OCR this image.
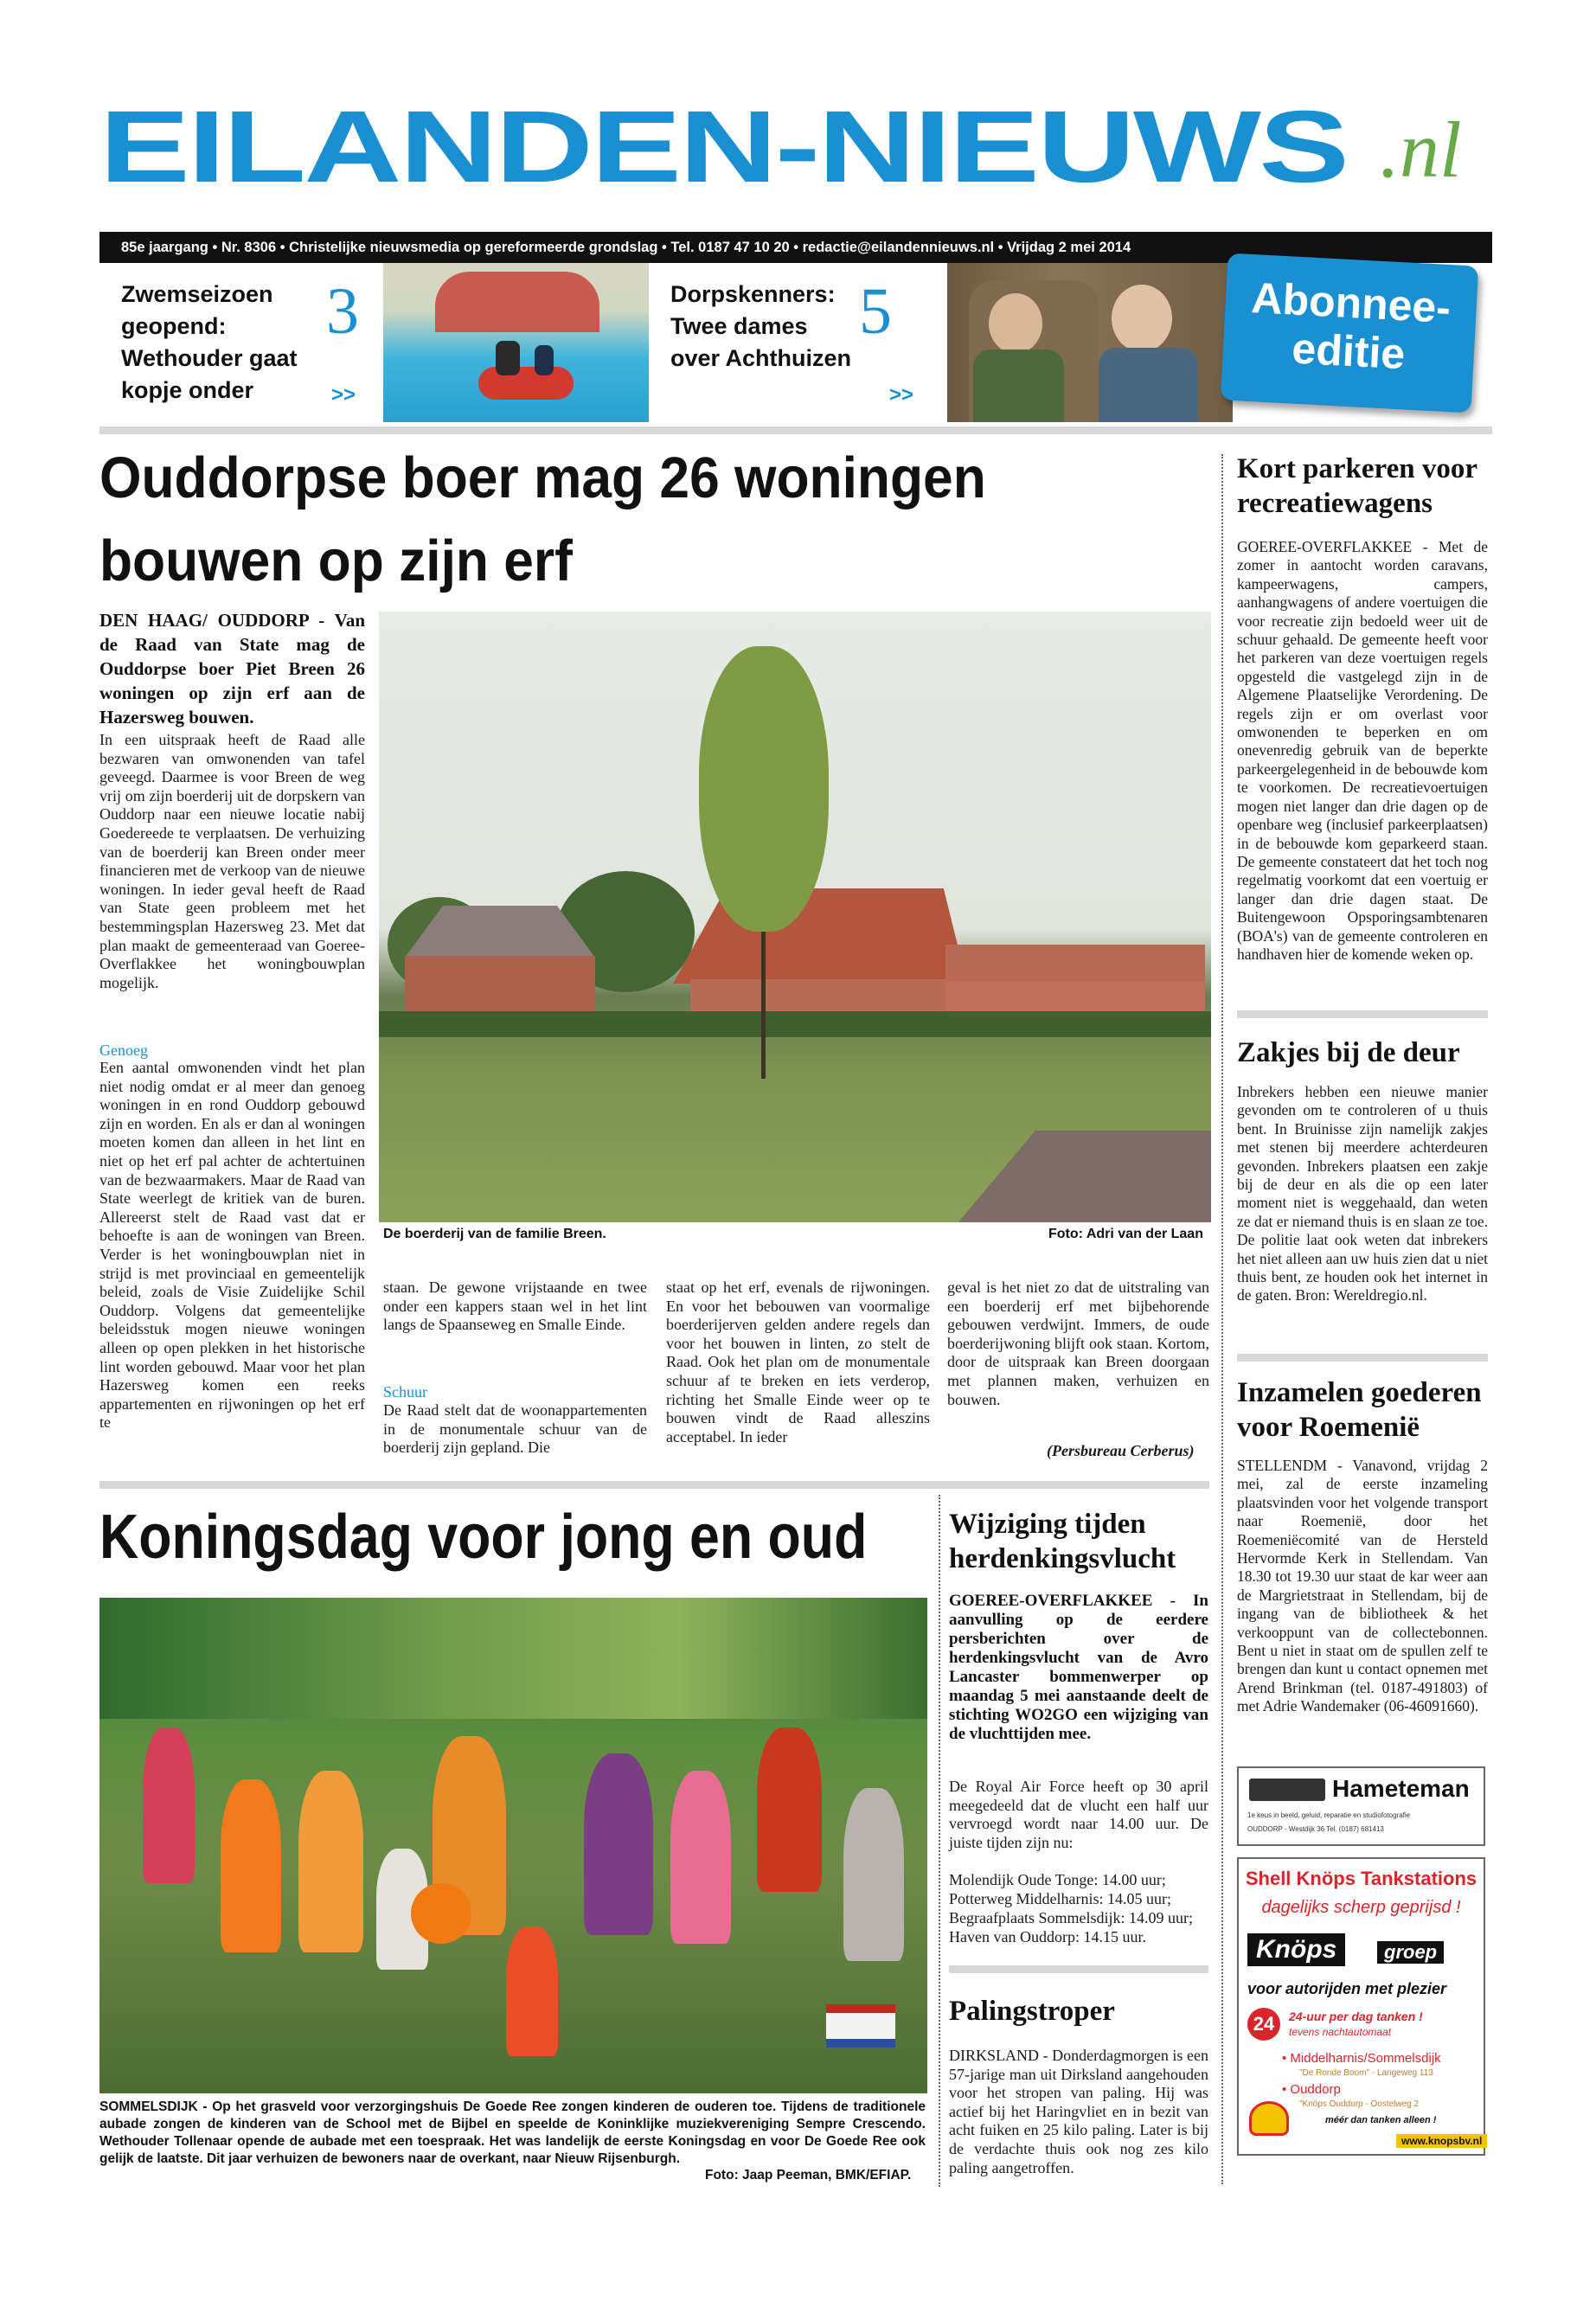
EILANDEN-NIEUWS .nl
85e jaargang • Nr. 8306 • Christelijke nieuwsmedia op gereformeerde grondslag • Tel. 0187 47 10 20 • redactie@eilandennieuws.nl • Vrijdag 2 mei 2014
Zwemseizoen
geopend:
Wethouder gaat
kopje onder
3
>>
Dorpskenners:
Twee dames
over Achthuizen
5
>>
Abonnee-
editie
Ouddorpse boer mag 26 woningen
bouwen op zijn erf
DEN HAAG/ OUDDORP - Van de Raad van State mag de Ouddorpse boer Piet Breen 26 woningen op zijn erf aan de Hazersweg bouwen.
In een uitspraak heeft de Raad alle bezwaren van omwonenden van tafel geveegd. Daarmee is voor Breen de weg vrij om zijn boerderij uit de dorpskern van Ouddorp naar een nieuwe locatie nabij Goedereede te verplaatsen. De verhuizing van de boerderij kan Breen onder meer financieren met de verkoop van de nieuwe woningen. In ieder geval heeft de Raad van State geen probleem met het bestemmingsplan Hazersweg 23. Met dat plan maakt de gemeenteraad van Goeree-Overflakkee het woningbouwplan mogelijk.
Genoeg
Een aantal omwonenden vindt het plan niet nodig omdat er al meer dan genoeg woningen in en rond Ouddorp gebouwd zijn en worden. En als er dan al woningen moeten komen dan alleen in het lint en niet op het erf pal achter de achtertuinen van de bezwaarmakers. Maar de Raad van State weerlegt de kritiek van de buren. Allereerst stelt de Raad vast dat er behoefte is aan de woningen van Breen. Verder is het woningbouwplan niet in strijd is met provinciaal en gemeentelijk beleid, zoals de Visie Zuidelijke Schil Ouddorp. Volgens dat gemeentelijke beleidsstuk mogen nieuwe woningen alleen op open plekken in het historische lint worden gebouwd. Maar voor het plan Hazersweg komen een reeks appartementen en rijwoningen op het erf te
De boerderij van de familie Breen.	Foto: Adri van der Laan
staan. De gewone vrijstaande en twee onder een kappers staan wel in het lint langs de Spaanseweg en Smalle Einde.
Schuur
De Raad stelt dat de woonappartementen in de monumentale schuur van de boerderij zijn gepland. Die
staat op het erf, evenals de rijwoningen. En voor het bebouwen van voormalige boerderijerven gelden andere regels dan voor het bouwen in linten, zo stelt de Raad. Ook het plan om de monumentale schuur af te breken en iets verderop, richting het Smalle Einde weer op te bouwen vindt de Raad alleszins acceptabel. In ieder
geval is het niet zo dat de uitstraling van een boerderij erf met bijbehorende gebouwen verdwijnt. Immers, de oude boerderijwoning blijft ook staan. Kortom, door de uitspraak kan Breen doorgaan met plannen maken, verhuizen en bouwen.
(Persbureau Cerberus)
Koningsdag voor jong en oud
SOMMELSDIJK - Op het grasveld voor verzorgingshuis De Goede Ree zongen kinderen de ouderen toe. Tijdens de traditionele aubade zongen de kinderen van de School met de Bijbel en speelde de Koninklijke muziekvereniging Sempre Crescendo. Wethouder Tollenaar opende de aubade met een toespraak. Het was landelijk de eerste Koningsdag en voor De Goede Ree ook gelijk de laatste. Dit jaar verhuizen de bewoners naar de overkant, naar Nieuw Rijsenburgh.
Foto: Jaap Peeman, BMK/EFIAP.
Wijziging tijden herdenkingsvlucht
GOEREE-OVERFLAKKEE - In aanvulling op de eerdere persberichten over de herdenkingsvlucht van de Avro Lancaster bommenwerper op maandag 5 mei aanstaande deelt de stichting WO2GO een wijziging van de vluchttijden mee.
De Royal Air Force heeft op 30 april meegedeeld dat de vlucht een half uur vervroegd wordt naar 14.00 uur. De juiste tijden zijn nu:
Molendijk Oude Tonge: 14.00 uur;
Potterweg Middelharnis: 14.05 uur;
Begraafplaats Sommelsdijk: 14.09 uur;
Haven van Ouddorp: 14.15 uur.
Palingstroper
DIRKSLAND - Donderdagmorgen is een 57-jarige man uit Dirksland aangehouden voor het stropen van paling. Hij was actief bij het Haringvliet en in bezit van acht fuiken en 25 kilo paling. Later is bij de verdachte thuis ook nog zes kilo paling aangetroffen.
Kort parkeren voor recreatiewagens
GOEREE-OVERFLAKKEE - Met de zomer in aantocht worden caravans, kampeerwagens, campers, aanhangwagens of andere voertuigen die voor recreatie zijn bedoeld weer uit de schuur gehaald. De gemeente heeft voor het parkeren van deze voertuigen regels opgesteld die vastgelegd zijn in de Algemene Plaatselijke Verordening. De regels zijn er om overlast voor omwonenden te beperken en om onevenredig gebruik van de beperkte parkeergelegenheid in de bebouwde kom te voorkomen. De recreatievoertuigen mogen niet langer dan drie dagen op de openbare weg (inclusief parkeerplaatsen) in de bebouwde kom geparkeerd staan. De gemeente constateert dat het toch nog regelmatig voorkomt dat een voertuig er langer dan drie dagen staat. De Buitengewoon Opsporingsambtenaren (BOA's) van de gemeente controleren en handhaven hier de komende weken op.
Zakjes bij de deur
Inbrekers hebben een nieuwe manier gevonden om te controleren of u thuis bent. In Bruinisse zijn namelijk zakjes met stenen bij meerdere achterdeuren gevonden. Inbrekers plaatsen een zakje bij de deur en als die op een later moment niet is weggehaald, dan weten ze dat er niemand thuis is en slaan ze toe. De politie laat ook weten dat inbrekers het niet alleen aan uw huis zien dat u niet thuis bent, ze houden ook het internet in de gaten. Bron: Wereldregio.nl.
Inzamelen goederen voor Roemenië
STELLENDM - Vanavond, vrijdag 2 mei, zal de eerste inzameling plaatsvinden voor het volgende transport naar Roemenië, door het Roemeniëcomité van de Hersteld Hervormde Kerk in Stellendam. Van 18.30 tot 19.30 uur staat de kar weer aan de Margrietstraat in Stellendam, bij de ingang van de bibliotheek & het verkooppunt van de collectebonnen. Bent u niet in staat om de spullen zelf te brengen dan kunt u contact opnemen met Arend Brinkman (tel. 0187-491803) of met Adrie Wandemaker (06-46091660).
Hameteman
1e keus in beeld, geluid, reparatie en studiofotografie
OUDDORP - Westdijk 36 Tel. (0187) 681413
Shell Knöps Tankstations
dagelijks scherp geprijsd !
Knöps	groep
voor autorijden met plezier
24	24-uur per dag tanken !
tevens nachtautomaat
• Middelharnis/Sommelsdijk
"De Ronde Boom" - Langeweg 113
• Ouddorp
"Knöps Ouddorp - Oostelweg 2
méér dan tanken alleen !
www.knopsbv.nl
